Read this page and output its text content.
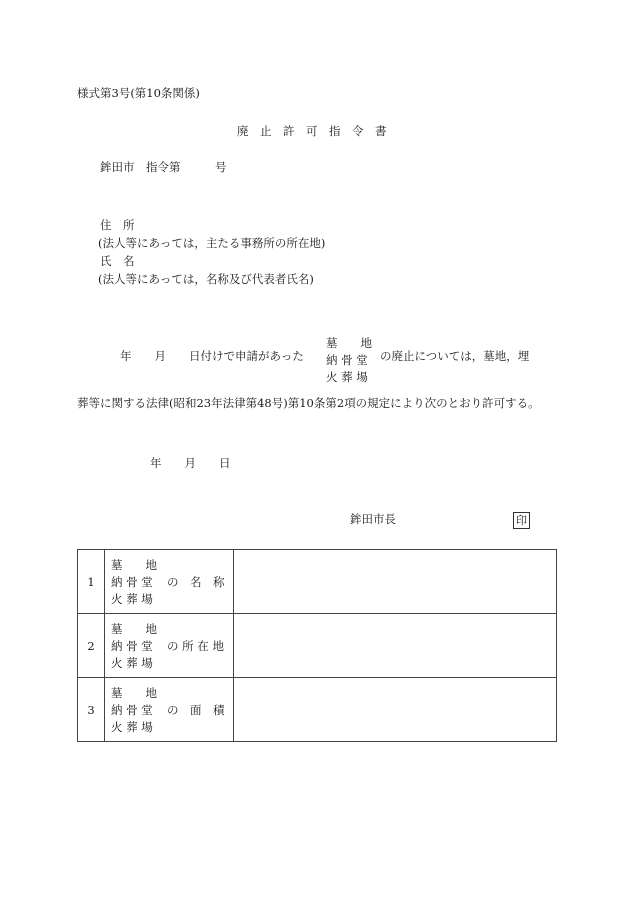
様式第3号(第10条関係)
廃　止　許　可　指　令　書
鉾田市　指令第　　　号
住　所
(法人等にあっては，主たる事務所の所在地)
氏　名
(法人等にあっては，名称及び代表者氏名)
年　　月　　日付けで申請があった
墓　　地
納 骨 堂
火 葬 場
の廃止については，墓地，埋
葬等に関する法律(昭和23年法律第48号)第10条第2項の規定により次のとおり許可する。
年　　月　　日
鉾田市長	印
1	墓　　地
納 骨 堂
火 葬 場
の　名　称	

2	墓　　地
納 骨 堂
火 葬 場
の 所 在 地	

3	墓　　地
納 骨 堂
火 葬 場
の　面　積	
